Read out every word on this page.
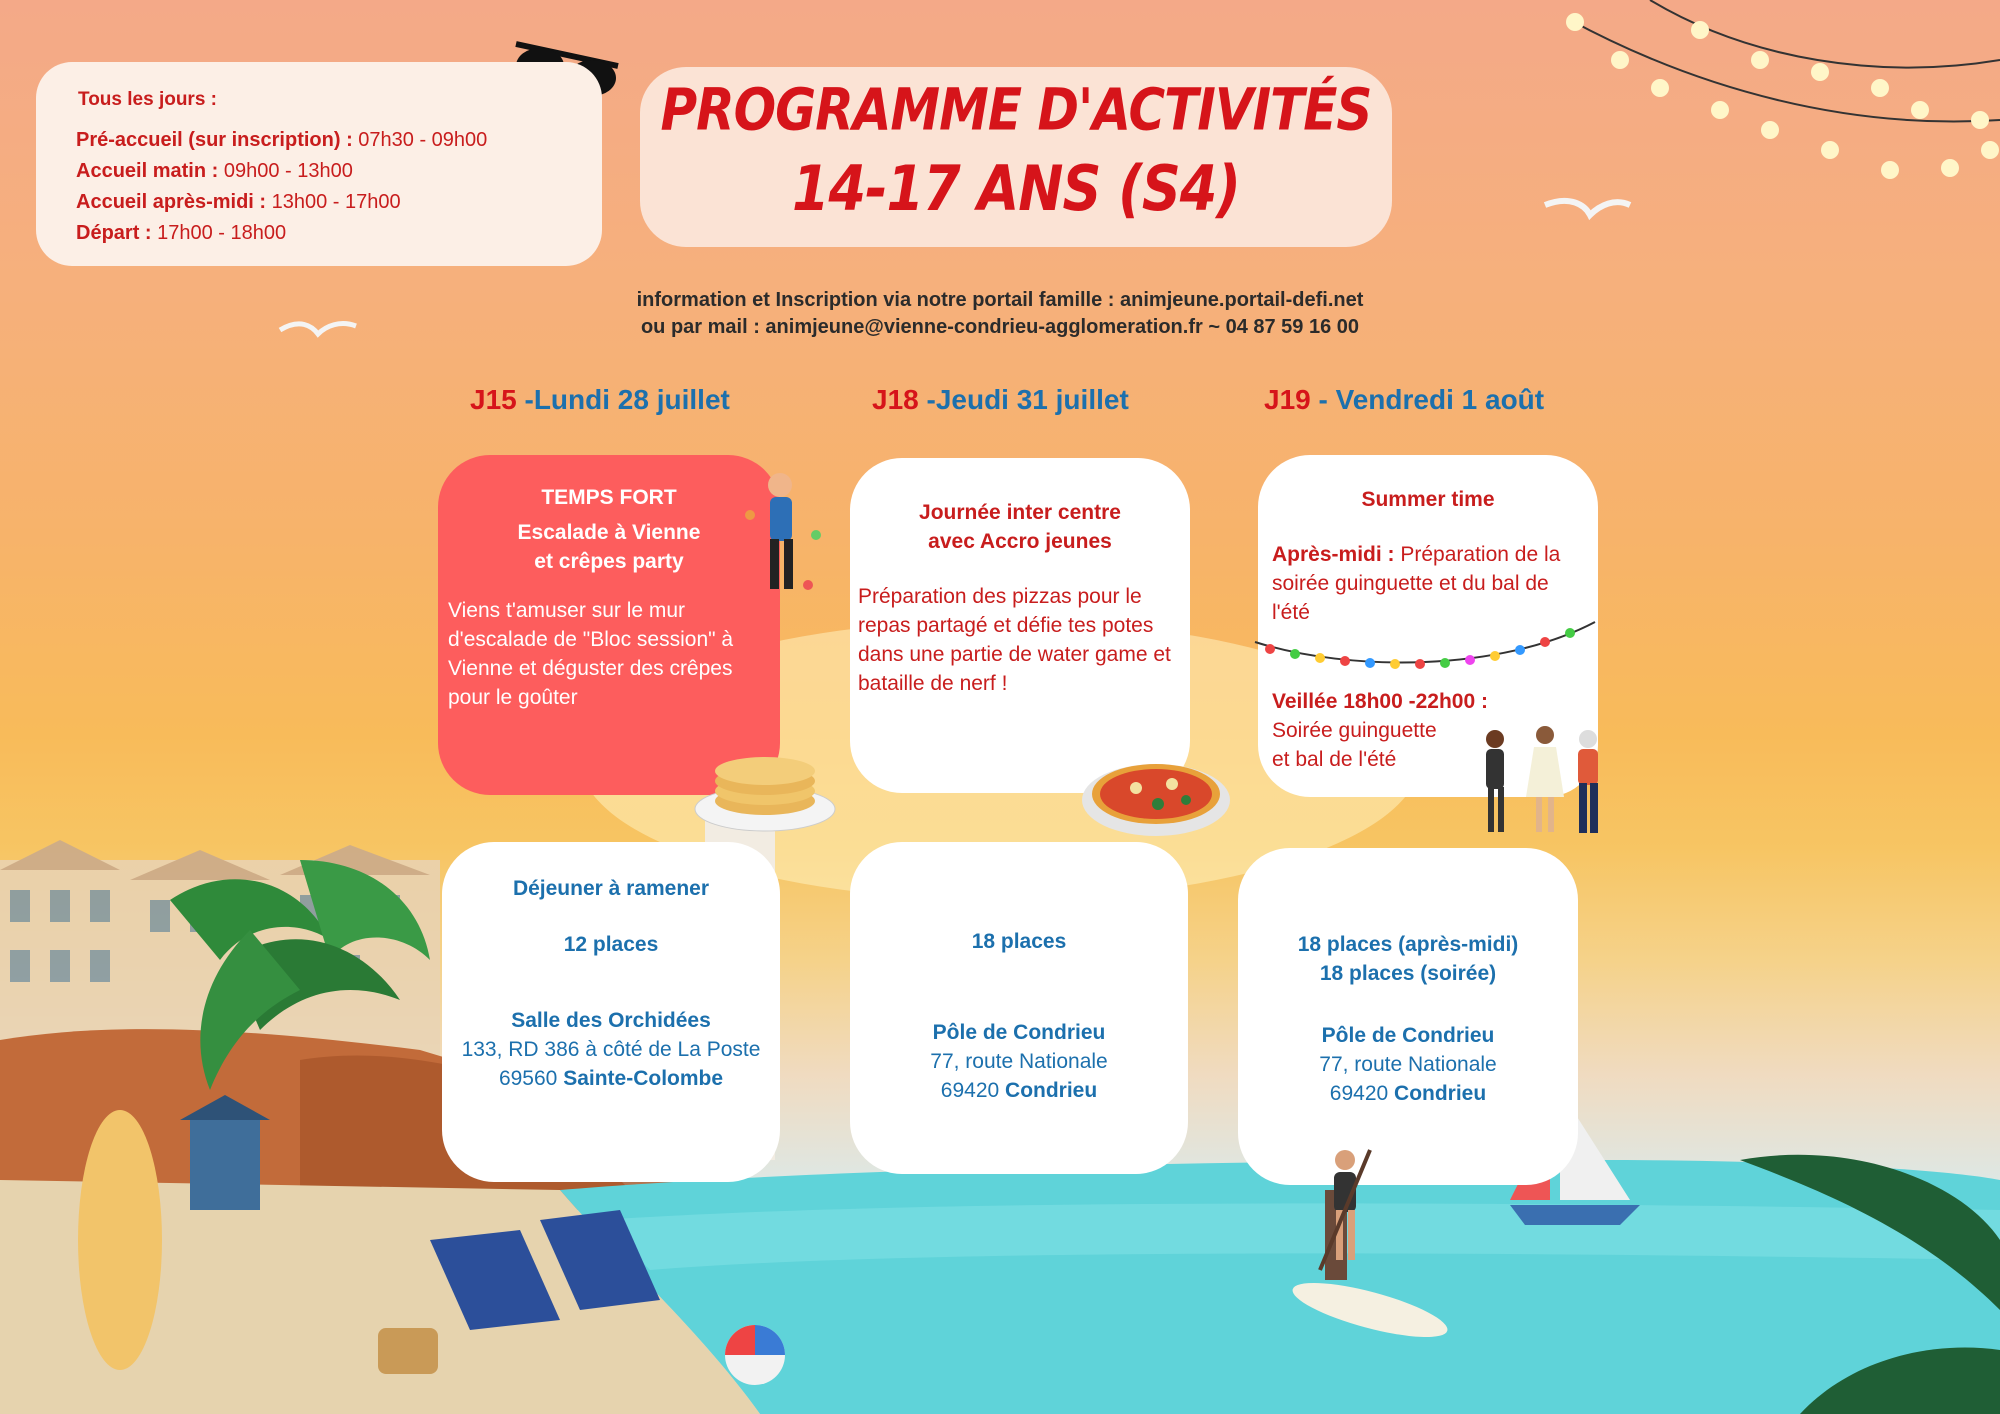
Tous les jours :
Pré-accueil (sur inscription) : 07h30 - 09h00
Accueil matin : 09h00 - 13h00
Accueil après-midi : 13h00 - 17h00
Départ : 17h00 - 18h00
PROGRAMME D'ACTIVITÉS
14-17 ANS (S4)
information et Inscription via notre portail famille : animjeune.portail-defi.net
ou par mail : animjeune@vienne-condrieu-agglomeration.fr ~ 04 87 59 16 00
J15 -Lundi 28 juillet	J18 -Jeudi 31 juillet	J19 - Vendredi 1 août

TEMPS FORT

Escalade à Vienne

et crêpes party

Viens t'amuser sur le mur d'escalade de "Bloc session" à Vienne et déguster des crêpes pour le goûter

Journée inter centre

avec Accro jeunes

Préparation des pizzas pour le repas partagé et défie tes potes dans une partie de water game et bataille de nerf !

Summer time

Après-midi : Préparation de la soirée guinguette et du bal de l'été

Veillée 18h00 -22h00 :

Soirée guinguette et bal de l'été

Déjeuner à ramener

12 places

Salle des Orchidées

133, RD 386 à côté de La Poste

69560 Sainte-Colombe

18 places

Pôle de Condrieu

77, route Nationale

69420 Condrieu

18 places (après-midi)

18 places (soirée)

Pôle de Condrieu

77, route Nationale

69420 Condrieu
